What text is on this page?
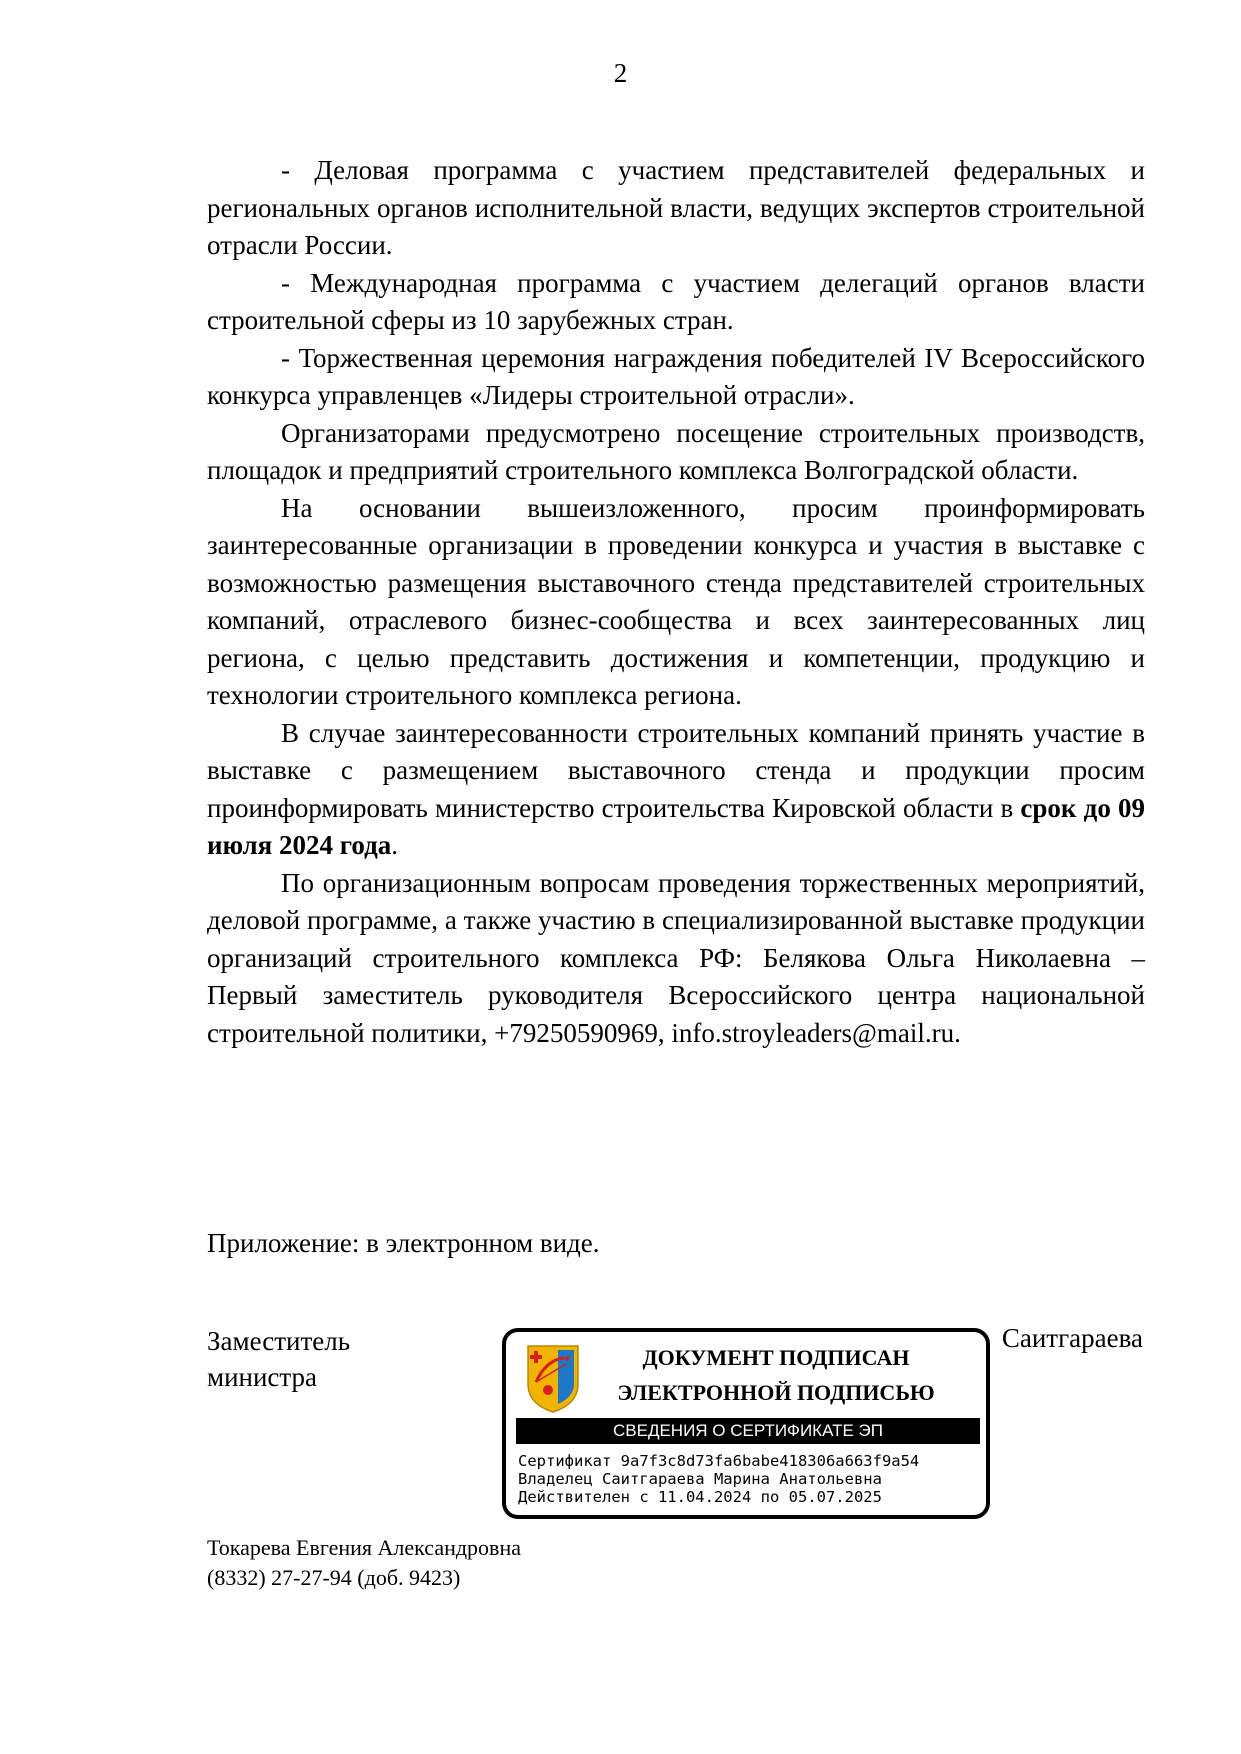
2

- Деловая программа с участием представителей федеральных и региональных органов исполнительной власти, ведущих экспертов строительной отрасли России.

- Международная программа с участием делегаций органов власти строительной сферы из 10 зарубежных стран.

- Торжественная церемония награждения победителей IV Всероссийского конкурса управленцев «Лидеры строительной отрасли».

Организаторами предусмотрено посещение строительных производств, площадок и предприятий строительного комплекса Волгоградской области.

На основании вышеизложенного, просим проинформировать заинтересованные организации в проведении конкурса и участия в выставке с возможностью размещения выставочного стенда представителей строительных компаний, отраслевого бизнес-сообщества и всех заинтересованных лиц региона, с целью представить достижения и компетенции, продукцию и технологии строительного комплекса региона.

В случае заинтересованности строительных компаний принять участие в выставке с размещением выставочного стенда и продукции просим проинформировать министерство строительства Кировской области в срок до 09 июля 2024 года.

По организационным вопросам проведения торжественных мероприятий, деловой программе, а также участию в специализированной выставке продукции организаций строительного комплекса РФ: Белякова Ольга Николаевна – Первый заместитель руководителя Всероссийского центра национальной строительной политики, +79250590969, info.stroyleaders@mail.ru.

Приложение: в электронном виде.
Заместитель
министра
Саитгараева
ДОКУМЕНТ ПОДПИСАН
ЭЛЕКТРОННОЙ ПОДПИСЬЮ
СВЕДЕНИЯ О СЕРТИФИКАТЕ ЭП
Сертификат 9a7f3c8d73fa6babe418306a663f9a54
Владелец Саитгараева Марина Анатольевна
Действителен с 11.04.2024 по 05.07.2025
Токарева Евгения Александровна
(8332) 27-27-94 (доб. 9423)
